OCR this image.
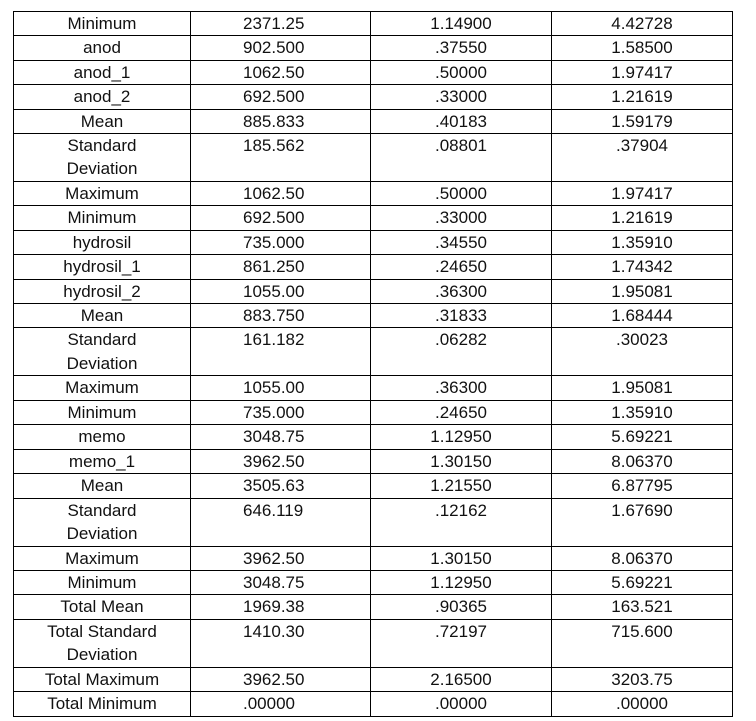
Minimum	2371.25	1.14900	4.42728
anod	902.500	.37550	1.58500
anod_1	1062.50	.50000	1.97417
anod_2	692.500	.33000	1.21619
Mean	885.833	.40183	1.59179
Standard
Deviation	185.562	.08801	.37904
Maximum	1062.50	.50000	1.97417
Minimum	692.500	.33000	1.21619
hydrosil	735.000	.34550	1.35910
hydrosil_1	861.250	.24650	1.74342
hydrosil_2	1055.00	.36300	1.95081
Mean	883.750	.31833	1.68444
Standard
Deviation	161.182	.06282	.30023
Maximum	1055.00	.36300	1.95081
Minimum	735.000	.24650	1.35910
memo	3048.75	1.12950	5.69221
memo_1	3962.50	1.30150	8.06370
Mean	3505.63	1.21550	6.87795
Standard
Deviation	646.119	.12162	1.67690
Maximum	3962.50	1.30150	8.06370
Minimum	3048.75	1.12950	5.69221
Total Mean	1969.38	.90365	163.521
Total Standard
Deviation	1410.30	.72197	715.600
Total Maximum	3962.50	2.16500	3203.75
Total Minimum	.00000	.00000	.00000
